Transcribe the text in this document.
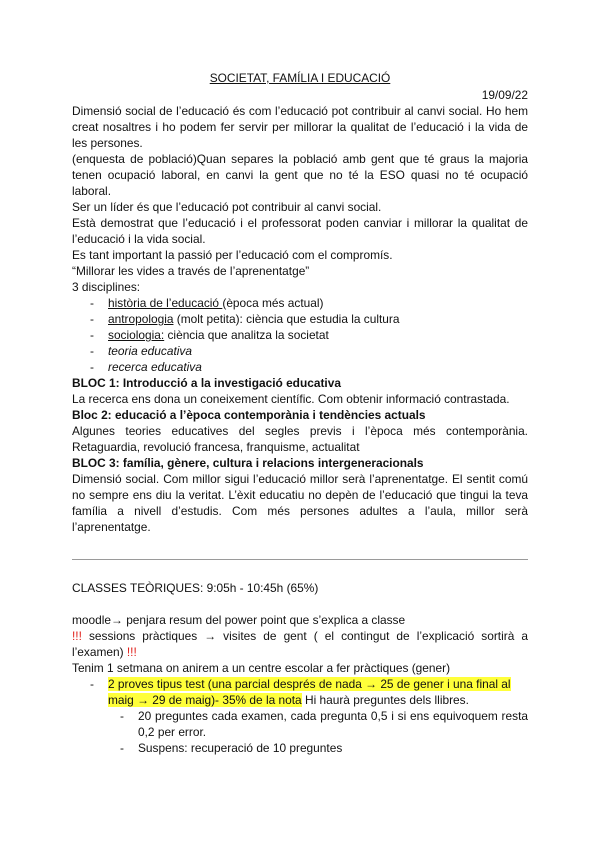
SOCIETAT, FAMÍLIA I EDUCACIÓ

19/09/22

Dimensió social de l’educació és com l’educació pot contribuir al canvi social. Ho hem creat nosaltres i ho podem fer servir per millorar la qualitat de l’educació i la vida de les persones.

(enquesta de població)Quan separes la població amb gent que té graus la majoria tenen ocupació laboral, en canvi la gent que no té la ESO quasi no té ocupació laboral.

Ser un líder és que l’educació pot contribuir al canvi social.

Està demostrat que l’educació i el professorat poden canviar i millorar la qualitat de l’educació i la vida social.

Es tant important la passió per l’educació com el compromís.

“Millorar les vides a través de l’aprenentatge”

3 disciplines:

- història de l’educació (època més actual)
- antropologia (molt petita): ciència que estudia la cultura
- sociologia: ciència que analitza la societat
- teoria educativa
- recerca educativa

BLOC 1: Introducció a la investigació educativa

La recerca ens dona un coneixement científic. Com obtenir informació contrastada.

Bloc 2: educació a l’època contemporània i tendències actuals

Algunes teories educatives del segles previs i l’època més contemporània. Retaguardia, revolució francesa, franquisme, actualitat

BLOC 3: família, gènere, cultura i relacions intergeneracionals

Dimensió social. Com millor sigui l’educació millor serà l’aprenentatge. El sentit comú no sempre ens diu la veritat. L’èxit educatiu no depèn de l’educació que tingui la teva família a nivell d’estudis. Com més persones adultes a l’aula, millor serà l’aprenentatge.

CLASSES TEÒRIQUES: 9:05h - 10:45h (65%)

moodle→ penjara resum del power point que s’explica a classe

!!! sessions pràctiques → visites de gent ( el contingut de l’explicació sortirà a l’examen) !!!

Tenim 1 setmana on anirem a un centre escolar a fer pràctiques (gener)

- 2 proves tipus test (una parcial després de nada → 25 de gener i una final al maig → 29 de maig)- 35% de la nota Hi haurà preguntes dels llibres.
- 20 preguntes cada examen, cada pregunta 0,5 i si ens equivoquem resta 0,2 per error.
- Suspens: recuperació de 10 preguntes
